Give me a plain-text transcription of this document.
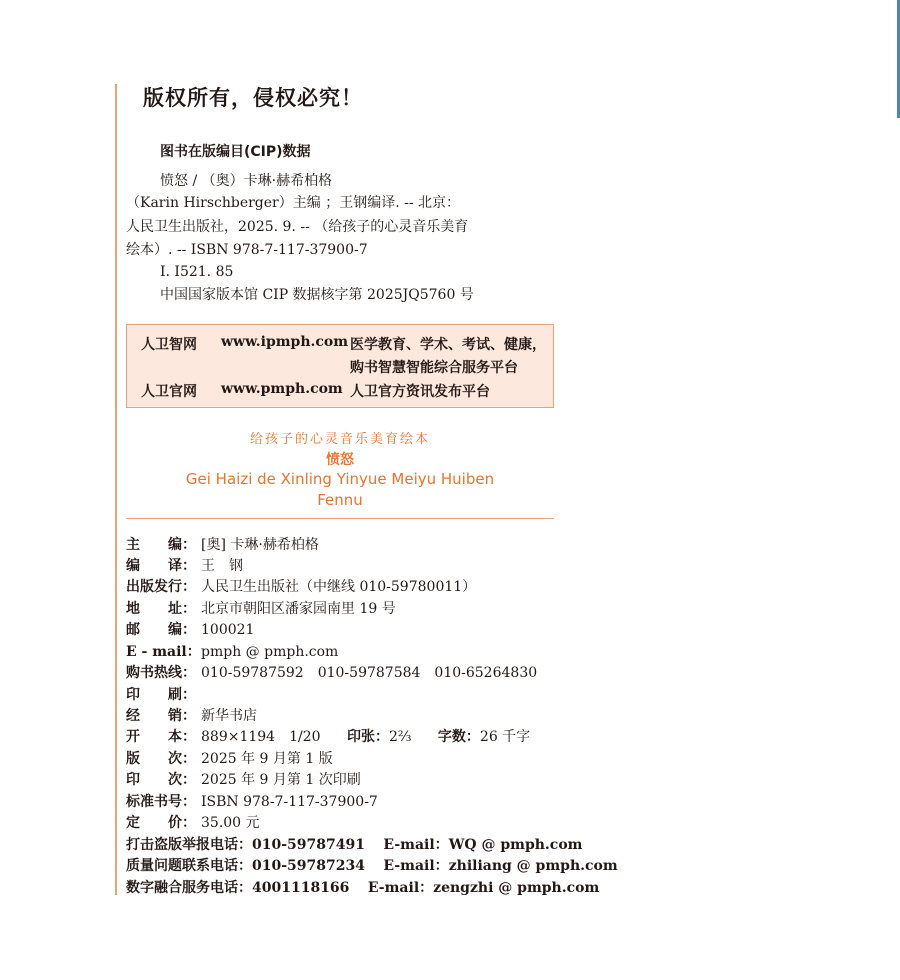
版权所有，侵权必究！
图书在版编目(CIP)数据
愤怒 / （奥）卡琳·赫希柏格
（Karin Hirschberger）主编 ；王钢编译. -- 北京：
人民卫生出版社，2025. 9. -- （给孩子的心灵音乐美育
绘本）. -- ISBN 978-7-117-37900-7
Ⅰ. I521. 85
中国国家版本馆 CIP 数据核字第 2025JQ5760 号
人卫智网 www.ipmph.com 医学教育、学术、考试、健康，
购书智慧智能综合服务平台
人卫官网 www.pmph.com 人卫官方资讯发布平台
给孩子的心灵音乐美育绘本
愤怒
Gei Haizi de Xinling Yinyue Meiyu Huiben
Fennu
主　　编： [奥] 卡琳·赫希柏格
编　　译： 王　钢
出版发行： 人民卫生出版社（中继线 010-59780011）
地　　址： 北京市朝阳区潘家园南里 19 号
邮　　编： 100021
E - mail：pmph @ pmph.com
购书热线： 010-59787592　010-59787584　010-65264830
印　　刷：
经　　销： 新华书店
开　　本： 889×1194　1/20 印张：2⅔ 字数：26 千字
版　　次： 2025 年 9 月第 1 版
印　　次： 2025 年 9 月第 1 次印刷
标准书号： ISBN 978-7-117-37900-7
定　　价： 35.00 元
打击盗版举报电话：010-59787491 E-mail：WQ @ pmph.com
质量问题联系电话：010-59787234 E-mail：zhiliang @ pmph.com
数字融合服务电话：4001118166 E-mail：zengzhi @ pmph.com
